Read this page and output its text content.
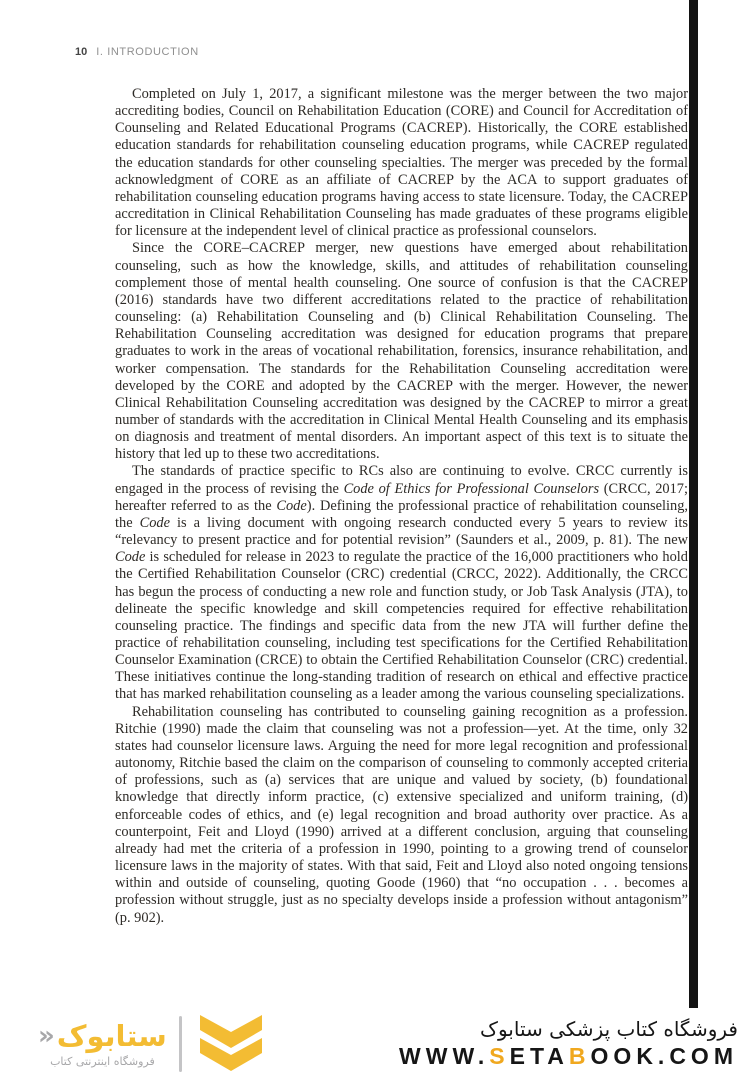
10 I. INTRODUCTION

Completed on July 1, 2017, a significant milestone was the merger between the two major accrediting bodies, Council on Rehabilitation Education (CORE) and Council for Accreditation of Counseling and Related Educational Programs (CACREP). Historically, the CORE established education standards for rehabilitation counseling education programs, while CACREP regulated the education standards for other counseling specialties. The merger was preceded by the formal acknowledgment of CORE as an affiliate of CACREP by the ACA to support graduates of rehabilitation counseling education programs having access to state licensure. Today, the CACREP accreditation in Clinical Rehabilitation Counseling has made graduates of these programs eligible for licensure at the independent level of clinical practice as professional counselors.

Since the CORE–CACREP merger, new questions have emerged about rehabilitation counseling, such as how the knowledge, skills, and attitudes of rehabilitation counseling complement those of mental health counseling. One source of confusion is that the CACREP (2016) standards have two different accreditations related to the practice of rehabilitation counseling: (a) Rehabilitation Counseling and (b) Clinical Rehabilitation Counseling. The Rehabilitation Counseling accreditation was designed for education programs that prepare graduates to work in the areas of vocational rehabilitation, forensics, insurance rehabilitation, and worker compensation. The standards for the Rehabilitation Counseling accreditation were developed by the CORE and adopted by the CACREP with the merger. However, the newer Clinical Rehabilitation Counseling accreditation was designed by the CACREP to mirror a great number of standards with the accreditation in Clinical Mental Health Counseling and its emphasis on diagnosis and treatment of mental disorders. An important aspect of this text is to situate the history that led up to these two accreditations.

The standards of practice specific to RCs also are continuing to evolve. CRCC currently is engaged in the process of revising the Code of Ethics for Professional Counselors (CRCC, 2017; hereafter referred to as the Code). Defining the professional practice of rehabilitation counseling, the Code is a living document with ongoing research conducted every 5 years to review its “relevancy to present practice and for potential revision” (Saunders et al., 2009, p. 81). The new Code is scheduled for release in 2023 to regulate the practice of the 16,000 practitioners who hold the Certified Rehabilitation Counselor (CRC) credential (CRCC, 2022). Additionally, the CRCC has begun the process of conducting a new role and function study, or Job Task Analysis (JTA), to delineate the specific knowledge and skill competencies required for effective rehabilitation counseling practice. The findings and specific data from the new JTA will further define the practice of rehabilitation counseling, including test specifications for the Certified Rehabilitation Counselor Examination (CRCE) to obtain the Certified Rehabilitation Counselor (CRC) credential. These initiatives continue the long-standing tradition of research on ethical and effective practice that has marked rehabilitation counseling as a leader among the various counseling specializations.

Rehabilitation counseling has contributed to counseling gaining recognition as a profession. Ritchie (1990) made the claim that counseling was not a profession—yet. At the time, only 32 states had counselor licensure laws. Arguing the need for more legal recognition and professional autonomy, Ritchie based the claim on the comparison of counseling to commonly accepted criteria of professions, such as (a) services that are unique and valued by society, (b) foundational knowledge that directly inform practice, (c) extensive specialized and uniform training, (d) enforceable codes of ethics, and (e) legal recognition and broad authority over practice. As a counterpoint, Feit and Lloyd (1990) arrived at a different conclusion, arguing that counseling already had met the criteria of a profession in 1990, pointing to a growing trend of counselor licensure laws in the majority of states. With that said, Feit and Lloyd also noted ongoing tensions within and outside of counseling, quoting Goode (1960) that “no occupation . . . becomes a profession without struggle, just as no specialty develops inside a profession without antagonism” (p. 902).

ستابوک
«
فروشگاه اینترنتی کتاب
فروشگاه کتاب پزشکی ستابوک
WWW.SETABOOK.COM
